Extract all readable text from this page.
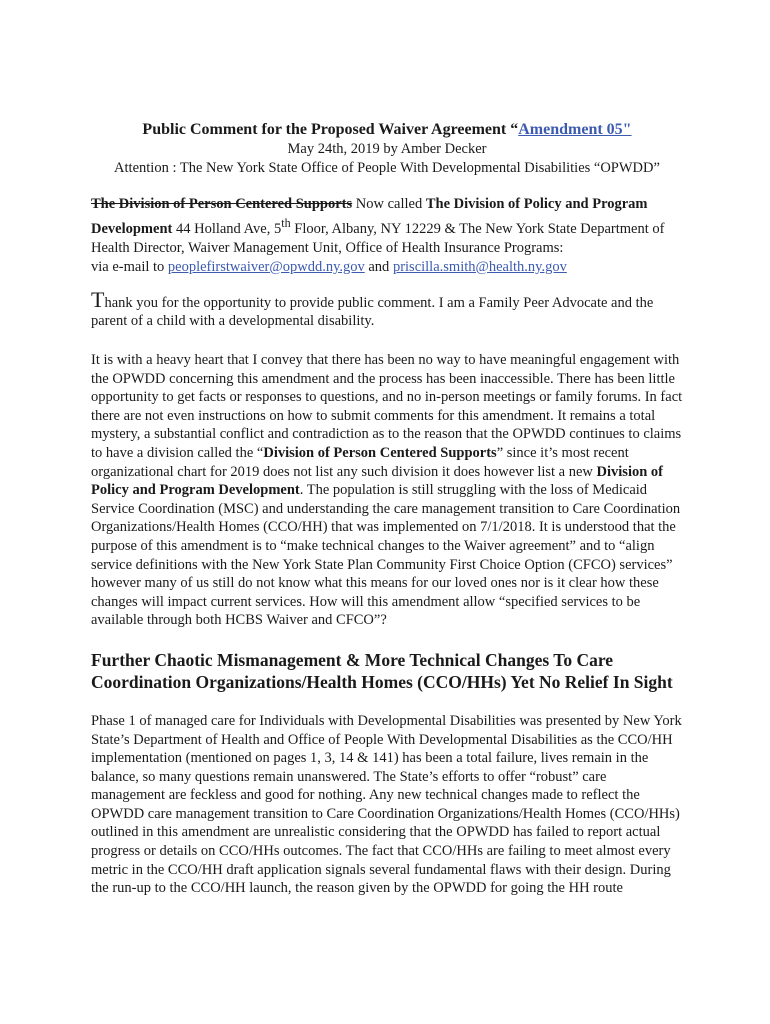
Public Comment for the Proposed Waiver Agreement “Amendment 05"

May 24th, 2019 by Amber Decker

Attention : The New York State Office of People With Developmental Disabilities “OPWDD”

The Division of Person Centered Supports Now called The Division of Policy and Program Development 44 Holland Ave, 5th Floor, Albany, NY 12229 & The New York State Department of Health Director, Waiver Management Unit, Office of Health Insurance Programs:
via e-mail to peoplefirstwaiver@opwdd.ny.gov and priscilla.smith@health.ny.gov

Thank you for the opportunity to provide public comment. I am a Family Peer Advocate and the parent of a child with a developmental disability.

It is with a heavy heart that I convey that there has been no way to have meaningful engagement with the OPWDD concerning this amendment and the process has been inaccessible. There has been little opportunity to get facts or responses to questions, and no in-person meetings or family forums. In fact there are not even instructions on how to submit comments for this amendment. It remains a total mystery, a substantial conflict and contradiction as to the reason that the OPWDD continues to claims to have a division called the “Division of Person Centered Supports” since it’s most recent organizational chart for 2019 does not list any such division it does however list a new Division of Policy and Program Development. The population is still struggling with the loss of Medicaid Service Coordination (MSC) and understanding the care management transition to Care Coordination Organizations/Health Homes (CCO/HH) that was implemented on 7/1/2018. It is understood that the purpose of this amendment is to “make technical changes to the Waiver agreement” and to “align service definitions with the New York State Plan Community First Choice Option (CFCO) services” however many of us still do not know what this means for our loved ones nor is it clear how these changes will impact current services. How will this amendment allow “specified services to be available through both HCBS Waiver and CFCO”?

Further Chaotic Mismanagement & More Technical Changes To Care Coordination Organizations/Health Homes (CCO/HHs) Yet No Relief In Sight

Phase 1 of managed care for Individuals with Developmental Disabilities was presented by New York State’s Department of Health and Office of People With Developmental Disabilities as the CCO/HH implementation (mentioned on pages 1, 3, 14 & 141) has been a total failure, lives remain in the balance, so many questions remain unanswered. The State’s efforts to offer “robust” care management are feckless and good for nothing. Any new technical changes made to reflect the OPWDD care management transition to Care Coordination Organizations/Health Homes (CCO/HHs) outlined in this amendment are unrealistic considering that the OPWDD has failed to report actual progress or details on CCO/HHs outcomes. The fact that CCO/HHs are failing to meet almost every metric in the CCO/HH draft application signals several fundamental flaws with their design. During the run-up to the CCO/HH launch, the reason given by the OPWDD for going the HH route
